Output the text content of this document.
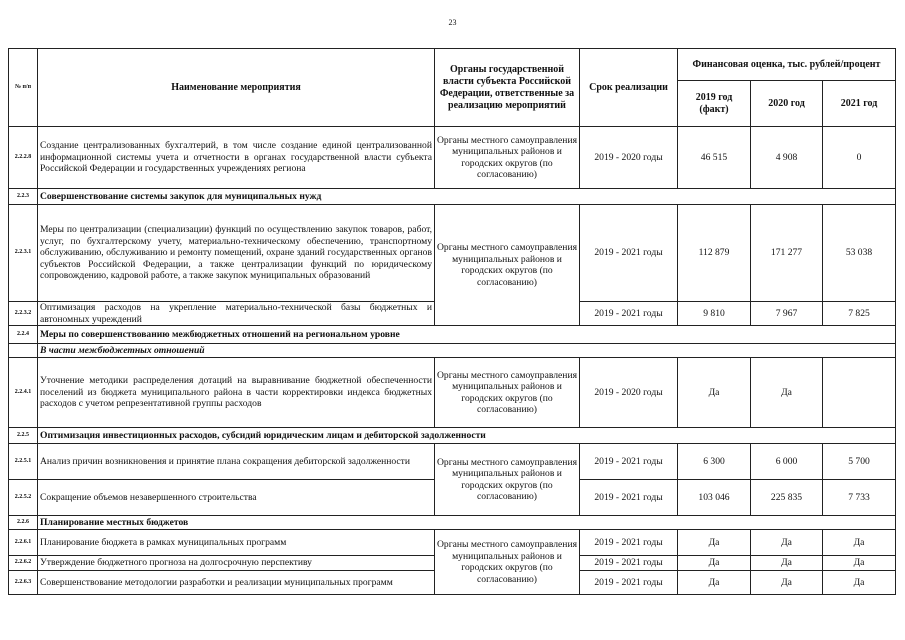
23
№ п/п	Наименование мероприятия	Органы государственной власти субъекта Российской Федерации, ответственные за реализацию мероприятий	Срок реализации	Финансовая оценка, тыс. рублей/процент		
				2019 год (факт)	2020 год	2021 год
2.2.2.8	Создание централизованных бухгалтерий, в том числе создание единой централизованной информационной системы учета и отчетности в органах государственной власти субъекта Российской Федерации и государственных учреждениях региона	Органы местного самоуправления муниципальных районов и городских округов (по согласованию)	2019 - 2020 годы	46 515	4 908	0
2.2.3	Совершенствование системы закупок для муниципальных нужд					
2.2.3.1	Меры по централизации (специализации) функций по осуществлению закупок товаров, работ, услуг, по бухгалтерскому учету, материально-техническому обеспечению, транспортному обслуживанию, обслуживанию и ремонту помещений, охране зданий государственных органов субъектов Российской Федерации, а также централизации функций по юридическому сопровождению, кадровой работе, а также закупок муниципальных образований	Органы местного самоуправления муниципальных районов и городских округов (по согласованию)	2019 - 2021 годы	112 879	171 277	53 038
2.2.3.2	Оптимизация расходов на укрепление материально-технической базы бюджетных и автономных учреждений		2019 - 2021 годы	9 810	7 967	7 825
2.2.4	Меры по совершенствованию межбюджетных отношений на региональном уровне					
	В части межбюджетных отношений					
2.2.4.1	Уточнение методики распределения дотаций на выравнивание бюджетной обеспеченности поселений из бюджета муниципального района в части корректировки индекса бюджетных расходов с учетом репрезентативной группы расходов	Органы местного самоуправления муниципальных районов и городских округов (по согласованию)	2019 - 2020 годы	Да	Да	
2.2.5	Оптимизация инвестиционных расходов, субсидий юридическим лицам и дебиторской задолженности					
2.2.5.1	Анализ причин возникновения и принятие плана сокращения дебиторской задолженности	Органы местного самоуправления муниципальных районов и городских округов (по согласованию)	2019 - 2021 годы	6 300	6 000	5 700
2.2.5.2	Сокращение объемов незавершенного строительства		2019 - 2021 годы	103 046	225 835	7 733
2.2.6	Планирование местных бюджетов					
2.2.6.1	Планирование бюджета в рамках муниципальных программ	Органы местного самоуправления муниципальных районов и городских округов (по согласованию)	2019 - 2021 годы	Да	Да	Да
2.2.6.2	Утверждение бюджетного прогноза на долгосрочную перспективу		2019 - 2021 годы	Да	Да	Да
2.2.6.3	Совершенствование методологии разработки и реализации муниципальных программ		2019 - 2021 годы	Да	Да	Да
